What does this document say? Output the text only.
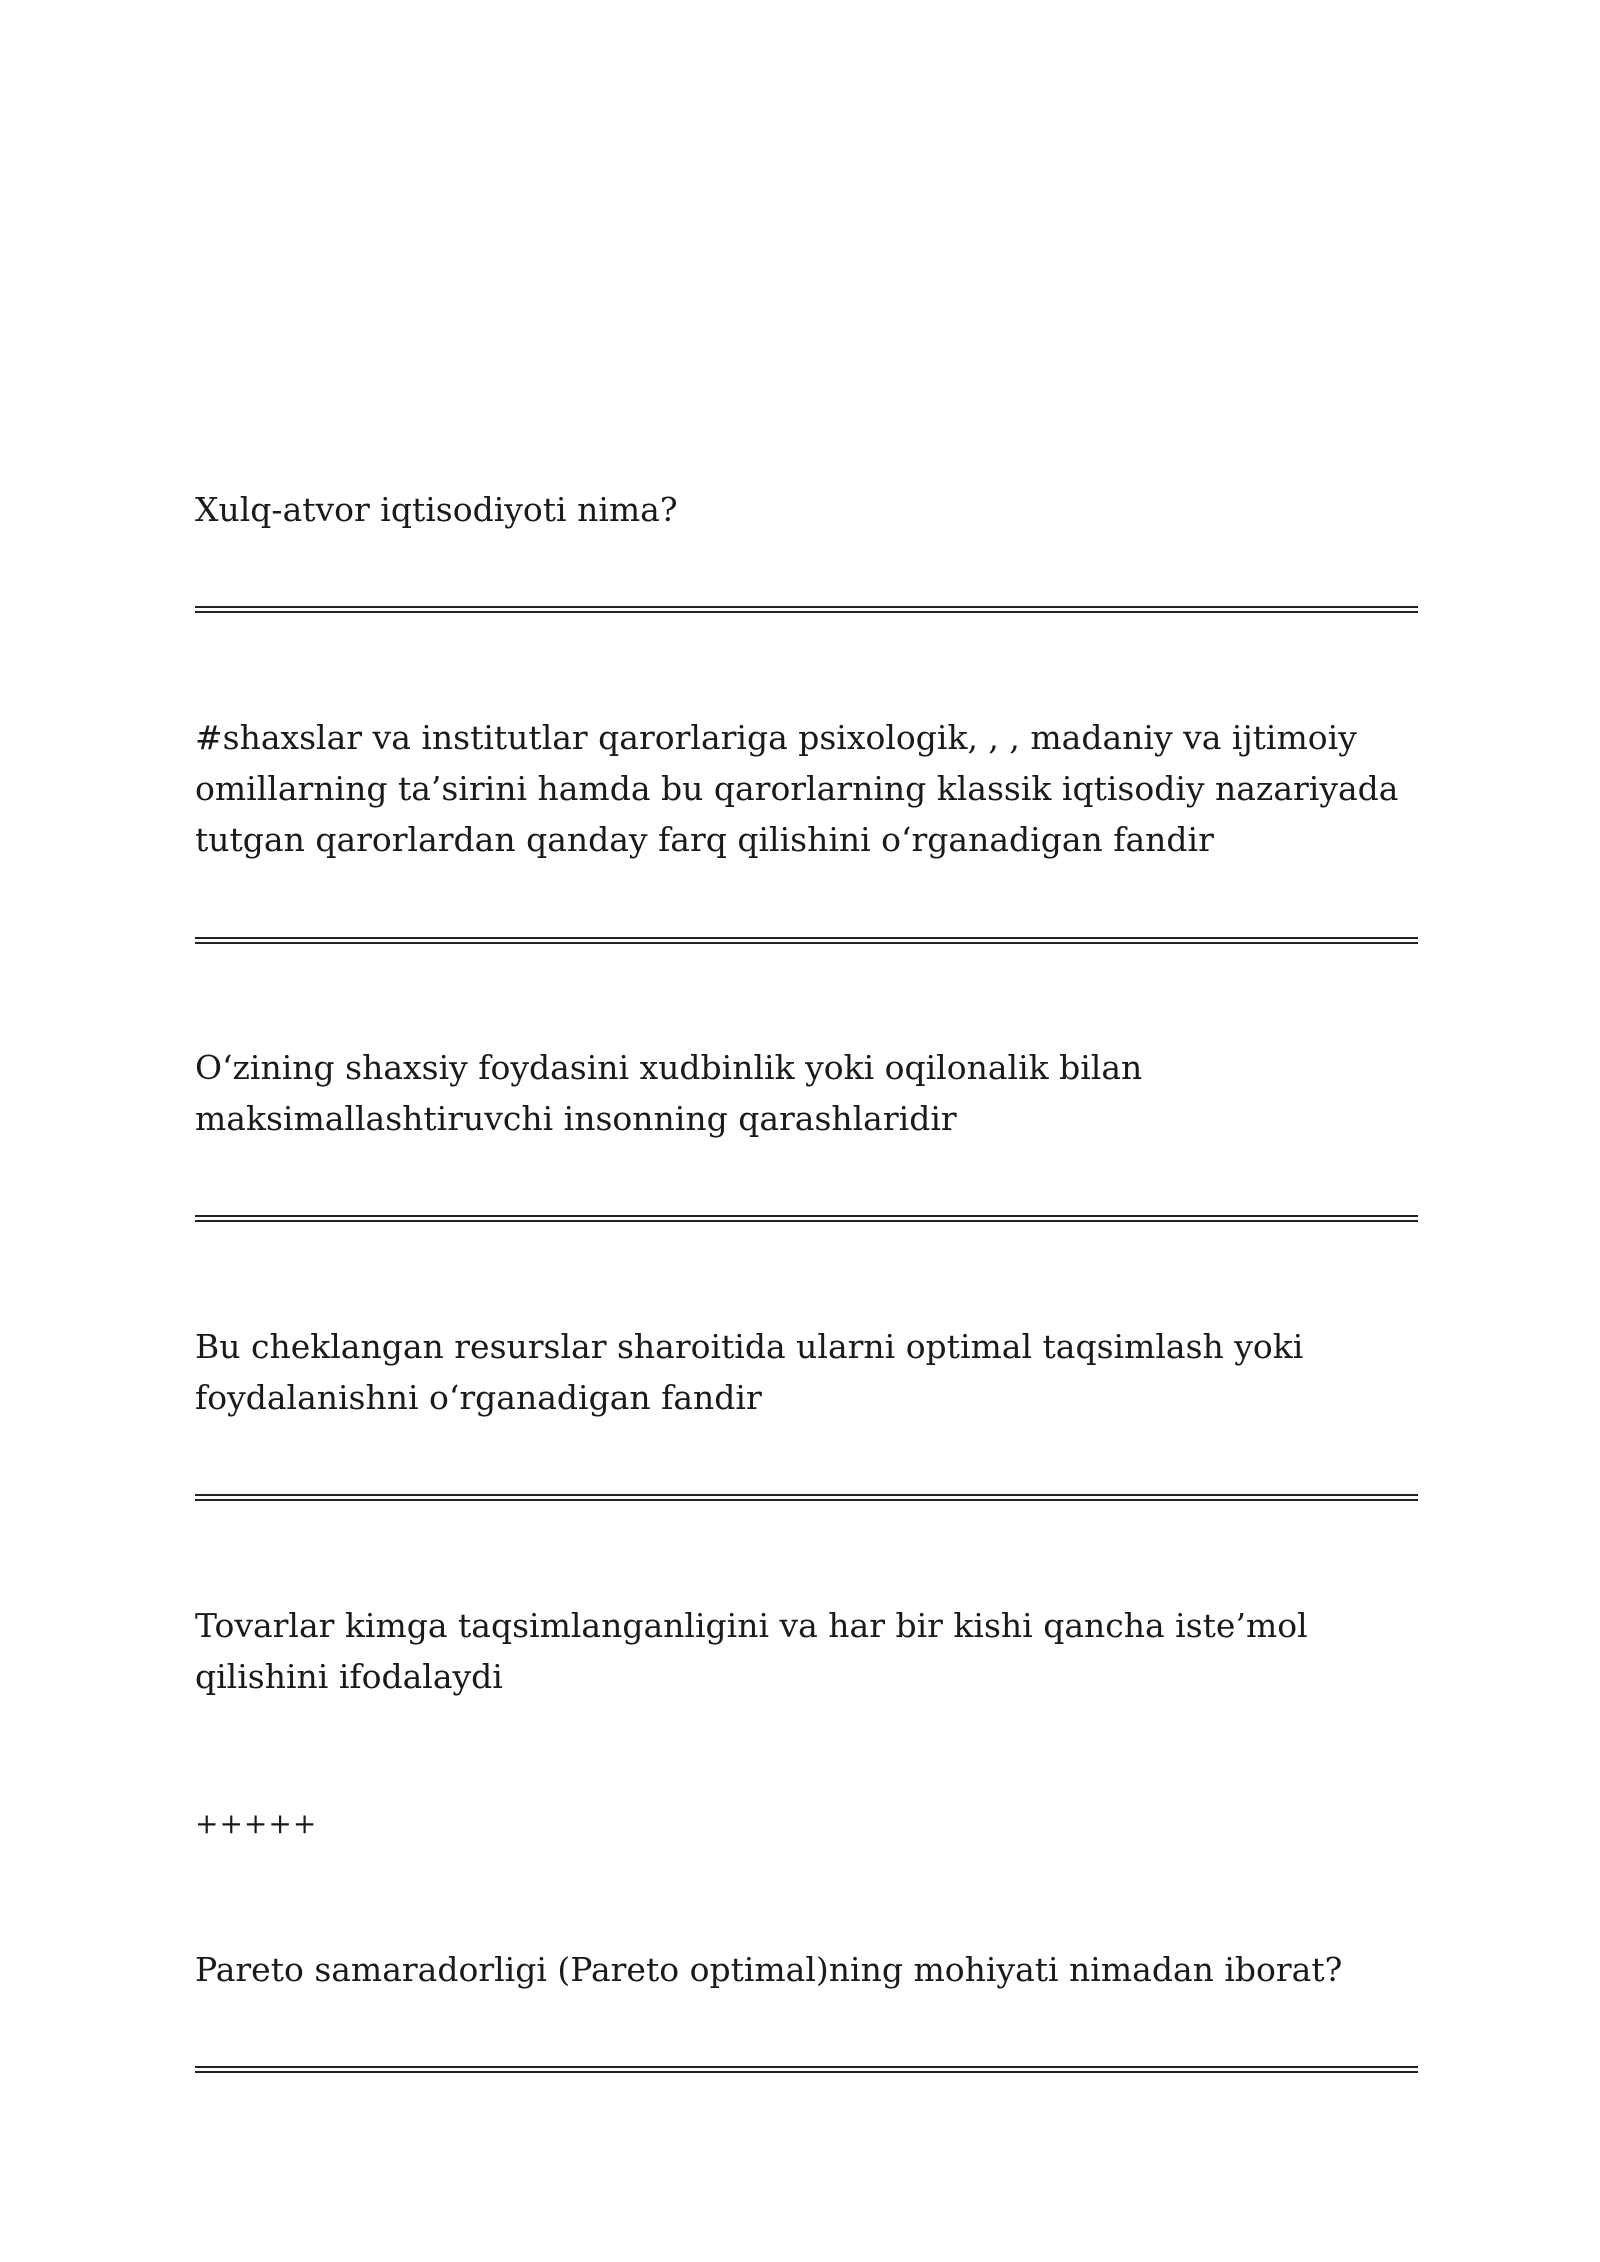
Xulq-atvor iqtisodiyoti nima?

#shaxslar va institutlar qarorlariga psixologik, , , madaniy va ijtimoiy omillarning ta’sirini hamda bu qarorlarning klassik iqtisodiy nazariyada tutgan qarorlardan qanday farq qilishini o‘rganadigan fandir

O‘zining shaxsiy foydasini xudbinlik yoki oqilonalik bilan maksimallashtiruvchi insonning qarashlaridir

Bu cheklangan resurslar sharoitida ularni optimal taqsimlash yoki foydalanishni o‘rganadigan fandir

Tovarlar kimga taqsimlanganligini va har bir kishi qancha iste’mol qilishini ifodalaydi

+++++

Pareto samaradorligi (Pareto optimal)ning mohiyati nimadan iborat?
